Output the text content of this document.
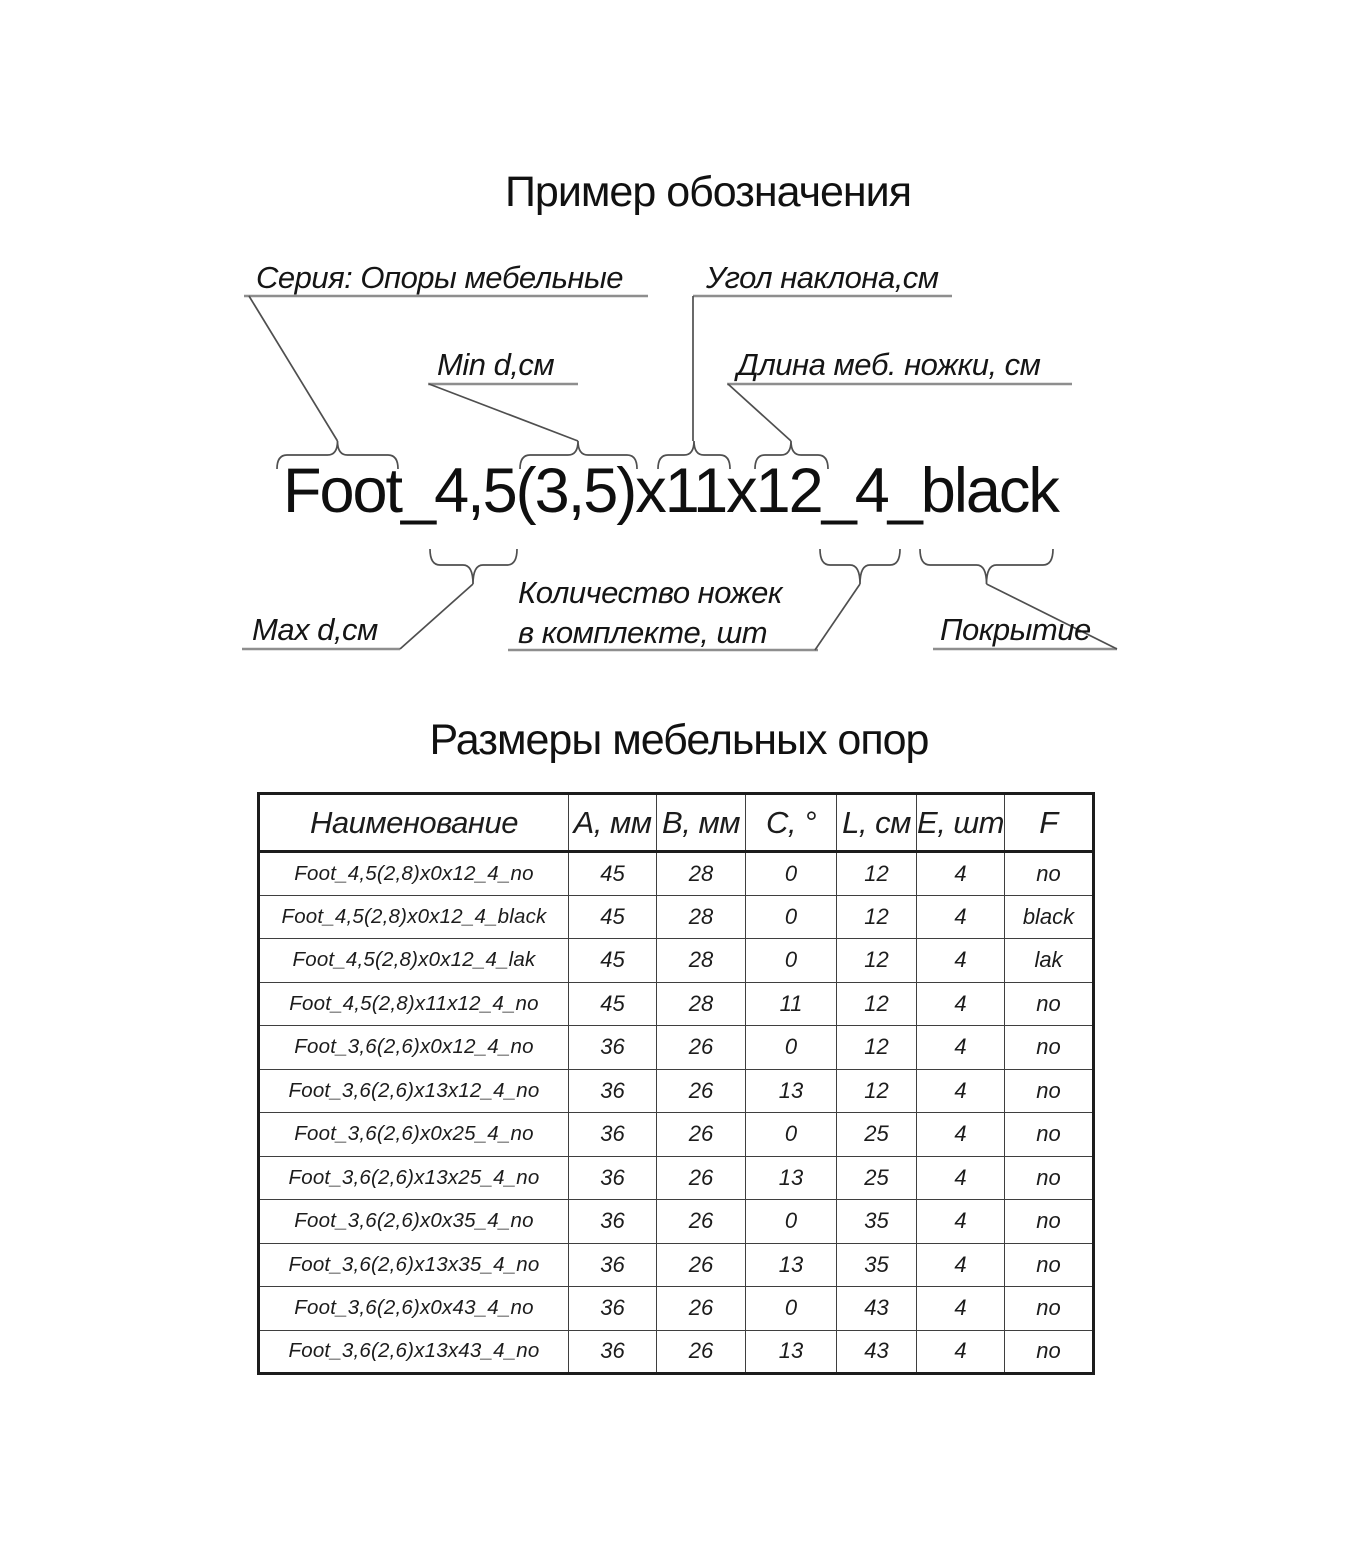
Пример обозначения
Серия: Опоры мебельные	Угол наклона,см
Min d,см	Длина меб. ножки, см
Foot_4,5(3,5)x11x12_4_black
Max d,см
Количество ножек
в комплекте, шт	Покрытие
Размеры мебельных опор
Наименование	A, мм	B, мм	C, °	L, см	E, шт	F
Foot_4,5(2,8)x0x12_4_no	45	28	0	12	4	no
Foot_4,5(2,8)x0x12_4_black	45	28	0	12	4	black
Foot_4,5(2,8)x0x12_4_lak	45	28	0	12	4	lak
Foot_4,5(2,8)x11x12_4_no	45	28	11	12	4	no
Foot_3,6(2,6)x0x12_4_no	36	26	0	12	4	no
Foot_3,6(2,6)x13x12_4_no	36	26	13	12	4	no
Foot_3,6(2,6)x0x25_4_no	36	26	0	25	4	no
Foot_3,6(2,6)x13x25_4_no	36	26	13	25	4	no
Foot_3,6(2,6)x0x35_4_no	36	26	0	35	4	no
Foot_3,6(2,6)x13x35_4_no	36	26	13	35	4	no
Foot_3,6(2,6)x0x43_4_no	36	26	0	43	4	no
Foot_3,6(2,6)x13x43_4_no	36	26	13	43	4	no
